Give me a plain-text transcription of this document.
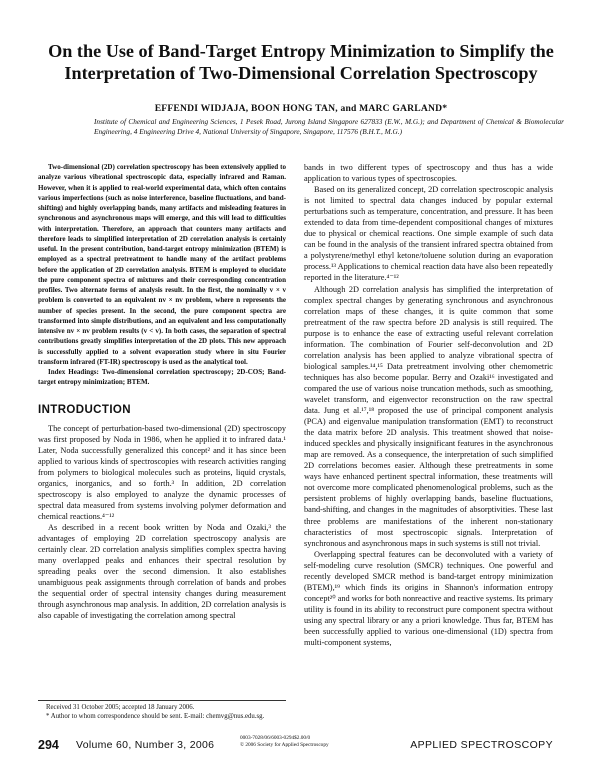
On the Use of Band-Target Entropy Minimization to Simplify the Interpretation of Two-Dimensional Correlation Spectroscopy
EFFENDI WIDJAJA, BOON HONG TAN, and MARC GARLAND*
Institute of Chemical and Engineering Sciences, 1 Pesek Road, Jurong Island Singapore 627833 (E.W., M.G.); and Department of Chemical & Biomolecular Engineering, 4 Engineering Drive 4, National University of Singapore, Singapore, 117576 (B.H.T., M.G.)

Two-dimensional (2D) correlation spectroscopy has been extensively applied to analyze various vibrational spectroscopic data, especially infrared and Raman. However, when it is applied to real-world experimental data, which often contains various imperfections (such as noise interference, baseline fluctuations, and band-shifting) and highly overlapping bands, many artifacts and misleading features in synchronous and asynchronous maps will emerge, and this will lead to difficulties with interpretation. Therefore, an approach that counters many artifacts and therefore leads to simplified interpretation of 2D correlation analysis is certainly useful. In the present contribution, band-target entropy minimization (BTEM) is employed as a spectral pretreatment to handle many of the artifact problems before the application of 2D correlation analysis. BTEM is employed to elucidate the pure component spectra of mixtures and their corresponding concentration profiles. Two alternate forms of analysis result. In the first, the nominally v × v problem is converted to an equivalent nv × nv problem, where n represents the number of species present. In the second, the pure component spectra are transformed into simple distributions, and an equivalent and less computationally intensive nv × nv problem results (v < v). In both cases, the separation of spectral contributions greatly simplifies interpretation of the 2D plots. This new approach is successfully applied to a solvent evaporation study where in situ Fourier transform infrared (FT-IR) spectroscopy is used as the analytical tool.

Index Headings: Two-dimensional correlation spectroscopy; 2D-COS; Band-target entropy minimization; BTEM.

INTRODUCTION

The concept of perturbation-based two-dimensional (2D) spectroscopy was first proposed by Noda in 1986, when he applied it to infrared data.¹ Later, Noda successfully generalized this concept² and it has since been applied to various kinds of spectroscopies with research activities ranging from polymers to biological molecules such as proteins, liquid crystals, organics, inorganics, and so forth.³ In addition, 2D correlation spectroscopy is also employed to analyze the dynamic processes of spectral data measured from systems involving polymer deformation and chemical reactions.⁴⁻¹²

As described in a recent book written by Noda and Ozaki,³ the advantages of employing 2D correlation spectroscopy analysis are certainly clear. 2D correlation analysis simplifies complex spectra having many overlapped peaks and enhances their spectral resolution by spreading peaks over the second dimension. It also establishes unambiguous peak assignments through correlation of bands and probes the sequential order of spectral intensity changes during measurement through asynchronous map analysis. In addition, 2D correlation analysis is also capable of investigating the correlation among spectral

bands in two different types of spectroscopy and thus has a wide application to various types of spectroscopies.

Based on its generalized concept, 2D correlation spectroscopic analysis is not limited to spectral data changes induced by popular external perturbations such as temperature, concentration, and pressure. It has been extended to data from time-dependent compositional changes of mixtures due to physical or chemical reactions. One simple example of such data can be found in the analysis of the transient infrared spectra obtained from a polystyrene/methyl ethyl ketone/toluene solution during an evaporation process.¹³ Applications to chemical reaction data have also been repeatedly reported in the literature.⁴⁻¹²

Although 2D correlation analysis has simplified the interpretation of complex spectral changes by generating synchronous and asynchronous correlation maps of these changes, it is quite common that some pretreatment of the raw spectra before 2D analysis is still required. The purpose is to enhance the ease of extracting useful relevant correlation information. The combination of Fourier self-deconvolution and 2D correlation analysis has been applied to analyze vibrational spectra of biological samples.¹⁴,¹⁵ Data pretreatment involving other chemometric techniques has also become popular. Berry and Ozaki¹⁶ investigated and compared the use of various noise truncation methods, such as smoothing, wavelet transform, and eigenvector reconstruction on the raw spectral data. Jung et al.¹⁷,¹⁸ proposed the use of principal component analysis (PCA) and eigenvalue manipulation transformation (EMT) to reconstruct the data matrix before 2D analysis. This treatment showed that noise-induced speckles and physically insignificant features in the asynchronous map are removed. As a consequence, the interpretation of such simplified 2D correlations becomes easier. Although these pretreatments in some ways have enhanced pertinent spectral information, these treatments will not overcome more complicated phenomenological problems, such as the persistent problems of highly overlapping bands, baseline fluctuations, band-shifting, and changes in the magnitudes of absorptivities. These last three problems are manifestations of the inherent non-stationary characteristics of most spectroscopic signals. Interpretation of synchronous and asynchronous maps in such systems is still not trivial.

Overlapping spectral features can be deconvoluted with a variety of self-modeling curve resolution (SMCR) techniques. One powerful and recently developed SMCR method is band-target entropy minimization (BTEM),¹⁹ which finds its origins in Shannon's information entropy concept²⁰ and works for both nonreactive and reactive systems. Its primary utility is found in its ability to reconstruct pure component spectra without using any spectral library or any a priori knowledge. Thus far, BTEM has been successfully applied to various one-dimensional (1D) spectra from multi-component systems,

Received 31 October 2005; accepted 18 January 2006.
* Author to whom correspondence should be sent. E-mail: chemvg@nus.edu.sg.
294 Volume 60, Number 3, 2006
0003-7028/06/6003-0294$2.00/0
© 2006 Society for Applied Spectroscopy	APPLIED SPECTROSCOPY
